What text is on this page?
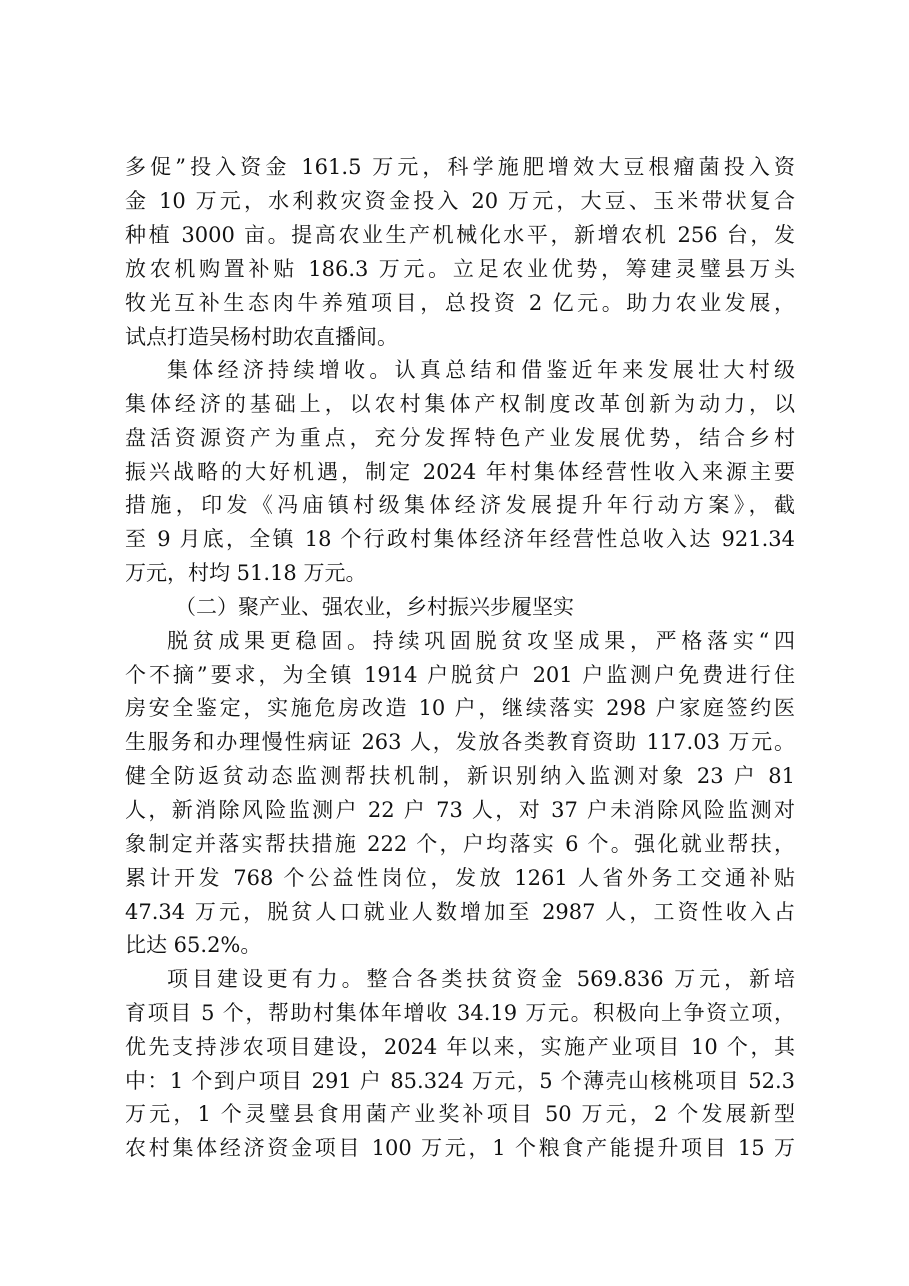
多促”投入资金 161.5 万元，科学施肥增效大豆根瘤菌投入资
金 10 万元，水利救灾资金投入 20 万元，大豆、玉米带状复合
种植 3000 亩。提高农业生产机械化水平，新增农机 256 台，发
放农机购置补贴 186.3 万元。立足农业优势，筹建灵璧县万头
牧光互补生态肉牛养殖项目，总投资 2 亿元。助力农业发展，
试点打造吴杨村助农直播间。
集体经济持续增收。认真总结和借鉴近年来发展壮大村级
集体经济的基础上，以农村集体产权制度改革创新为动力，以
盘活资源资产为重点，充分发挥特色产业发展优势，结合乡村
振兴战略的大好机遇，制定 2024 年村集体经营性收入来源主要
措施，印发《冯庙镇村级集体经济发展提升年行动方案》，截
至 9 月底，全镇 18 个行政村集体经济年经营性总收入达 921.34
万元，村均 51.18 万元。
（二）聚产业、强农业，乡村振兴步履坚实
脱贫成果更稳固。持续巩固脱贫攻坚成果，严格落实“四
个不摘”要求，为全镇 1914 户脱贫户 201 户监测户免费进行住
房安全鉴定，实施危房改造 10 户，继续落实 298 户家庭签约医
生服务和办理慢性病证 263 人，发放各类教育资助 117.03 万元。
健全防返贫动态监测帮扶机制，新识别纳入监测对象 23 户 81
人，新消除风险监测户 22 户 73 人，对 37 户未消除风险监测对
象制定并落实帮扶措施 222 个，户均落实 6 个。强化就业帮扶，
累计开发 768 个公益性岗位，发放 1261 人省外务工交通补贴
47.34 万元，脱贫人口就业人数增加至 2987 人，工资性收入占
比达 65.2%。
项目建设更有力。整合各类扶贫资金 569.836 万元，新培
育项目 5 个，帮助村集体年增收 34.19 万元。积极向上争资立项，
优先支持涉农项目建设，2024 年以来，实施产业项目 10 个，其
中：1 个到户项目 291 户 85.324 万元，5 个薄壳山核桃项目 52.3
万元，1 个灵璧县食用菌产业奖补项目 50 万元，2 个发展新型
农村集体经济资金项目 100 万元，1 个粮食产能提升项目 15 万
